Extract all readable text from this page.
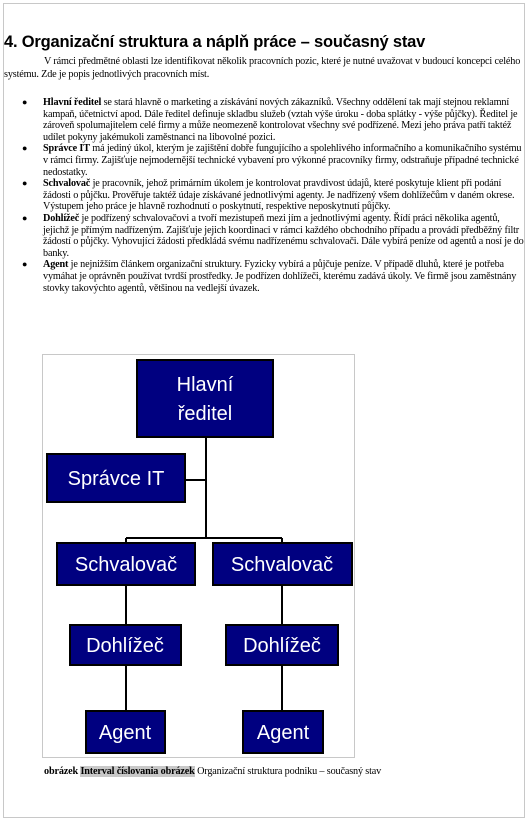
4. Organizační struktura a náplň práce – současný stav
V rámci předmětné oblasti lze identifikovat několik pracovních pozic, které je nutné uvažovat v budoucí koncepci celého systému. Zde je popis jednotlivých pracovních míst.
● Hlavní ředitel se stará hlavně o marketing a získávání nových zákazníků. Všechny oddělení tak mají stejnou reklamní kampaň, účetnictví apod. Dále ředitel definuje skladbu služeb (vztah výše úroku - doba splátky - výše půjčky). Ředitel je zároveň spolumajitelem celé firmy a může neomezeně kontrolovat všechny své podřízené. Mezi jeho práva patří taktéž udílet pokyny jakémukoli zaměstnanci na libovolné pozici.
● Správce IT má jediný úkol, kterým je zajištění dobře fungujícího a spolehlivého informačního a komunikačního systému v rámci firmy. Zajišťuje nejmodernější technické vybavení pro výkonné pracovníky firmy, odstraňuje případné technické nedostatky.
● Schvalovač je pracovník, jehož primárním úkolem je kontrolovat pravdivost údajů, které poskytuje klient při podání žádosti o půjčku. Prověřuje taktéž údaje získávané jednotlivými agenty. Je nadřízený všem dohlížečům v daném okrese. Výstupem jeho práce je hlavně rozhodnutí o poskytnutí, respektive neposkytnutí půjčky.
● Dohlížeč je podřízený schvalovačovi a tvoří mezistupeň mezi jím a jednotlivými agenty. Řídí práci několika agentů, jejichž je přímým nadřízeným. Zajišťuje jejich koordinaci v rámci každého obchodního případu a provádí předběžný filtr žádostí o půjčky. Vyhovující žádosti předkládá svému nadřízenému schvalovači. Dále vybírá peníze od agentů a nosí je do banky.
● Agent je nejnižším článkem organizační struktury. Fyzicky vybírá a půjčuje peníze. V případě dluhů, které je potřeba vymáhat je oprávněn používat tvrdší prostředky. Je podřízen dohlížeči, kterému zadává úkoly. Ve firmě jsou zaměstnány stovky takovýchto agentů, většinou na vedlejší úvazek.
Hlavní
ředitel
Správce IT
Schvalovač	Schvalovač
Dohlížeč	Dohlížeč
Agent	Agent
obrázek Interval číslovania obrázek Organizační struktura podniku – současný stav
